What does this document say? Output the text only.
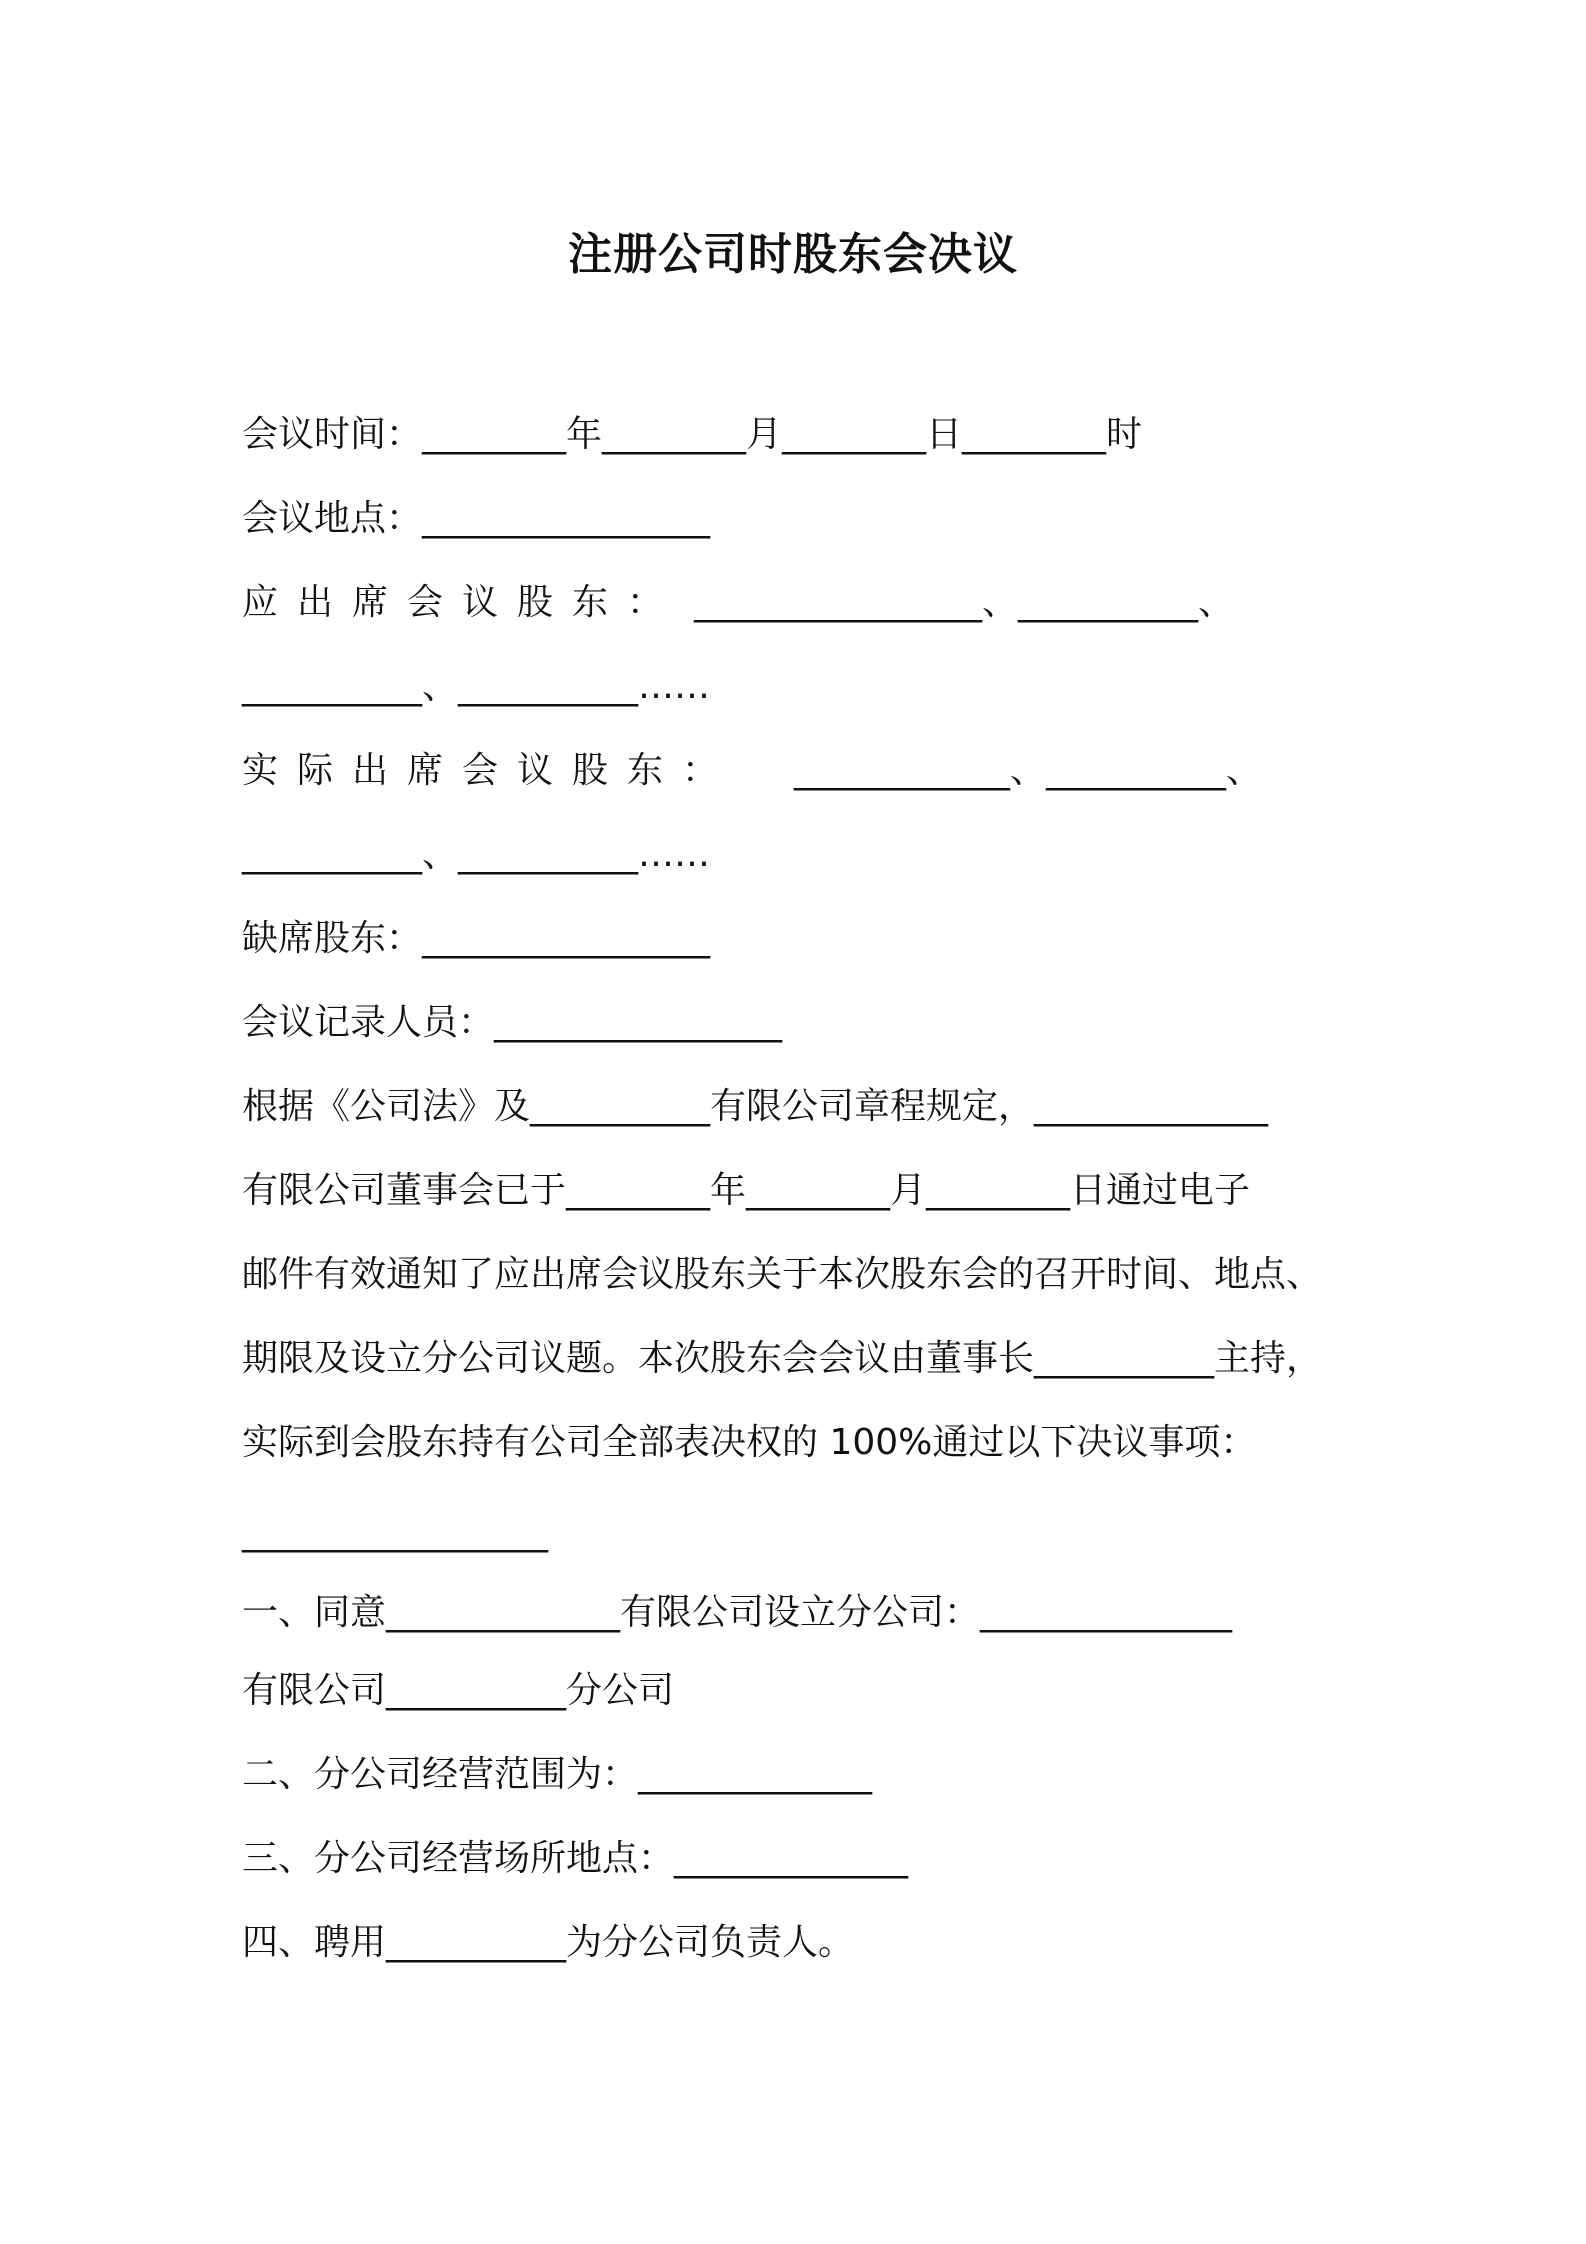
注册公司时股东会决议
会议时间：________年________月________日________时
会议地点：________________
应出席会议股东： ________________、__________、
__________、__________……
实际出席会议股东： ____________、__________、
__________、__________……
缺席股东：________________
会议记录人员：________________
根据《公司法》及__________有限公司章程规定，_____________
有限公司董事会已于________年________月________日通过电子
邮件有效通知了应出席会议股东关于本次股东会的召开时间、地点、
期限及设立分公司议题。本次股东会会议由董事长__________主持，
实际到会股东持有公司全部表决权的 100%通过以下决议事项：
_________________
一、同意_____________有限公司设立分公司：______________
有限公司__________分公司
二、分公司经营范围为：_____________
三、分公司经营场所地点：_____________
四、聘用__________为分公司负责人。
